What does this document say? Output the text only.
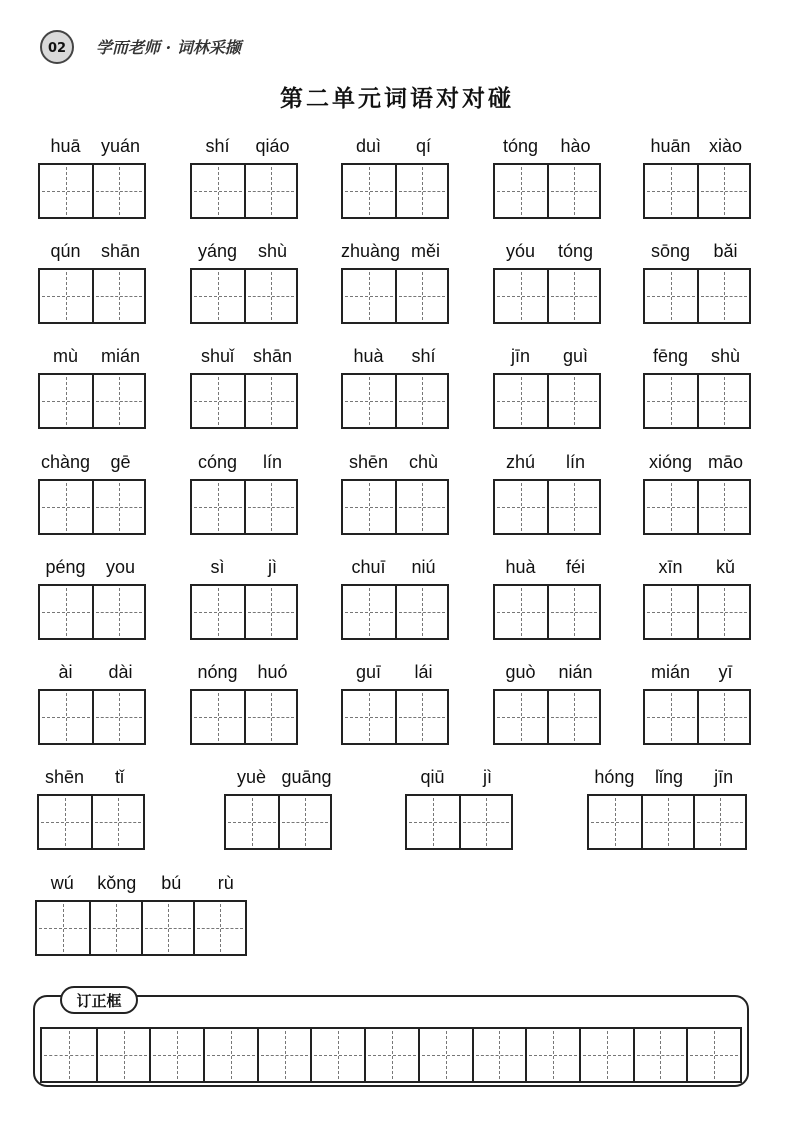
02	学而老师 · 词林采撷
第二单元词语对对碰
huā	yuán	shí	qiáo	duì	qí	tóng	hào	huān	xiào
qún	shān	yáng	shù	zhuàng měi	yóu	tóng	sōng	bǎi
mù	mián	shuǐ	shān	huà	shí	jīn	guì	fēng	shù
chàng	gē	cóng	lín	shēn	chù	zhú	lín	xióng māo
péng	you	sì	jì	chuī	niú	huà	féi	xīn	kǔ
ài	dài	nóng	huó	guī	lái	guò	nián	mián	yī
shēn	tǐ	yuè guāng	qiū	jì	hóng	lǐng	jīn
wú	kǒng	bú	rù
订正框
